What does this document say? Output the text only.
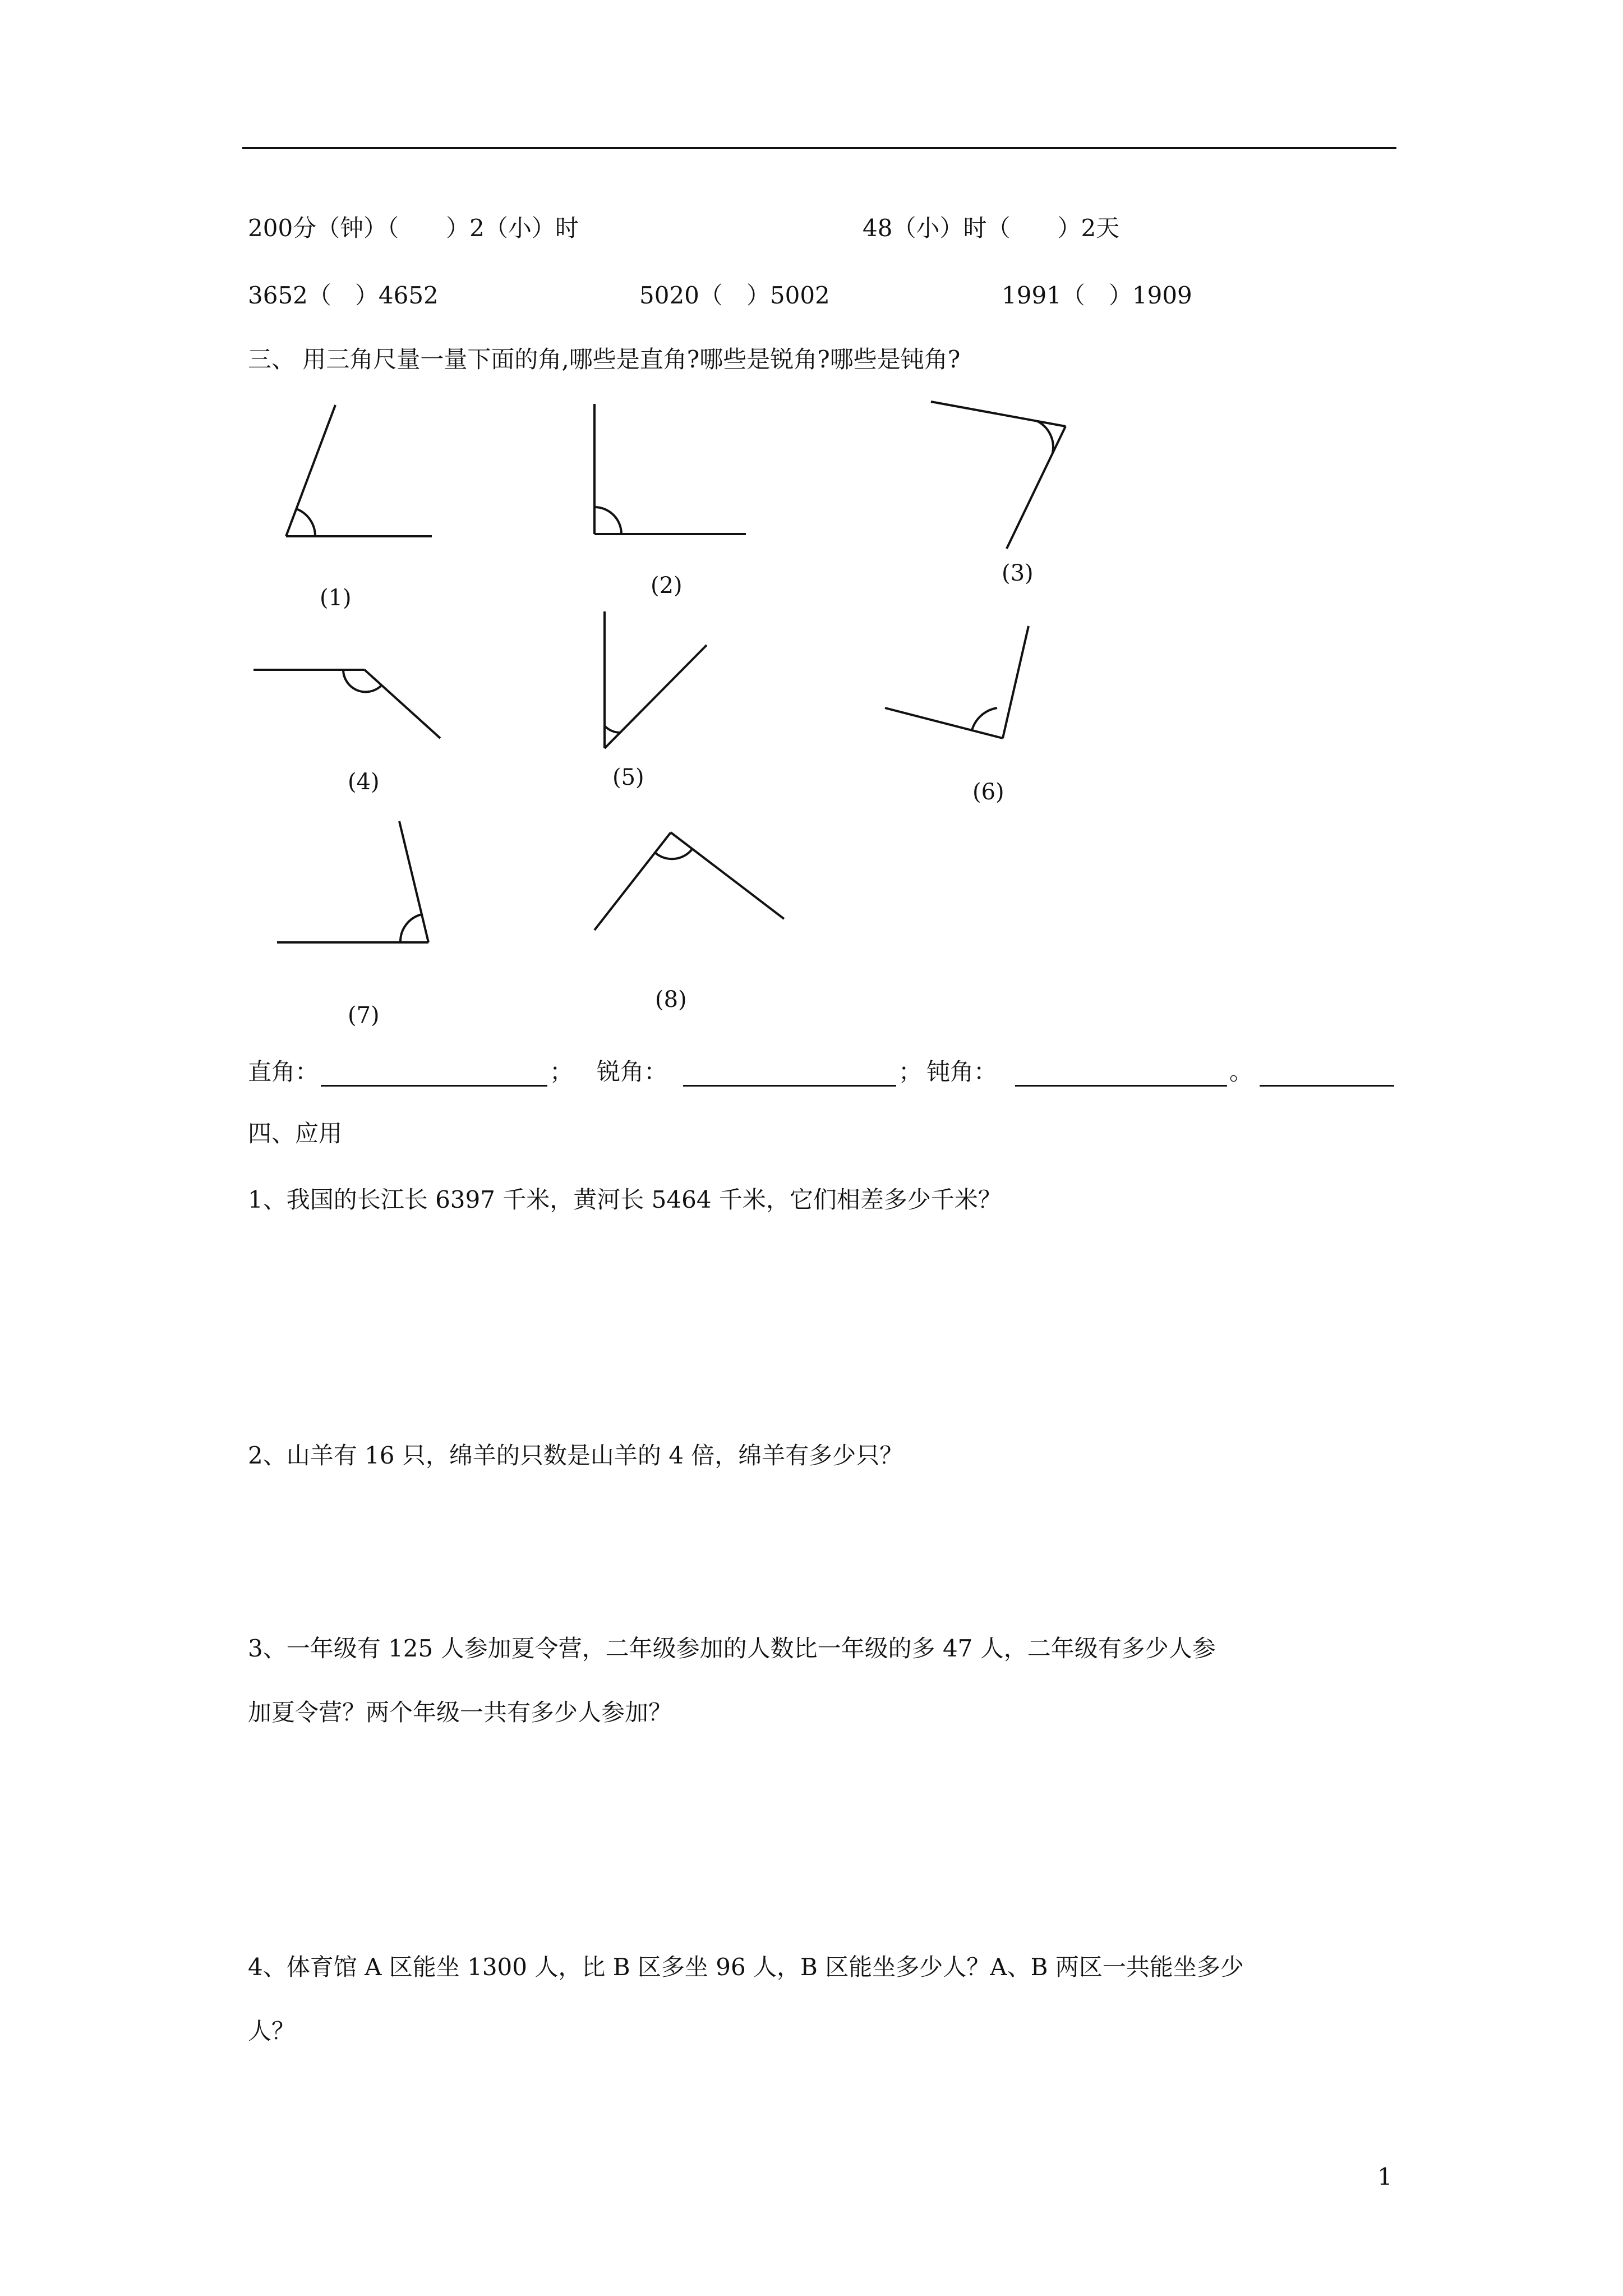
200分（钟）（　　）2（小）时	48（小）时（　　）2天
3652（　）4652	5020（　）5002	1991（　）1909
三、 用三角尺量一量下面的角,哪些是直角?哪些是锐角?哪些是钝角?
(1)	(2)	(3)
(4)	(5)
(6)
(7)
(8)
直角：	； 锐角：	； 钝角：	。
四、应用
1、我国的长江长 6397 千米，黄河长 5464 千米，它们相差多少千米？
2、山羊有 16 只，绵羊的只数是山羊的 4 倍，绵羊有多少只？
3、一年级有 125 人参加夏令营，二年级参加的人数比一年级的多 47 人，二年级有多少人参
加夏令营？两个年级一共有多少人参加？
4、体育馆 A 区能坐 1300 人，比 B 区多坐 96 人，B 区能坐多少人？A、B 两区一共能坐多少
人？
1
